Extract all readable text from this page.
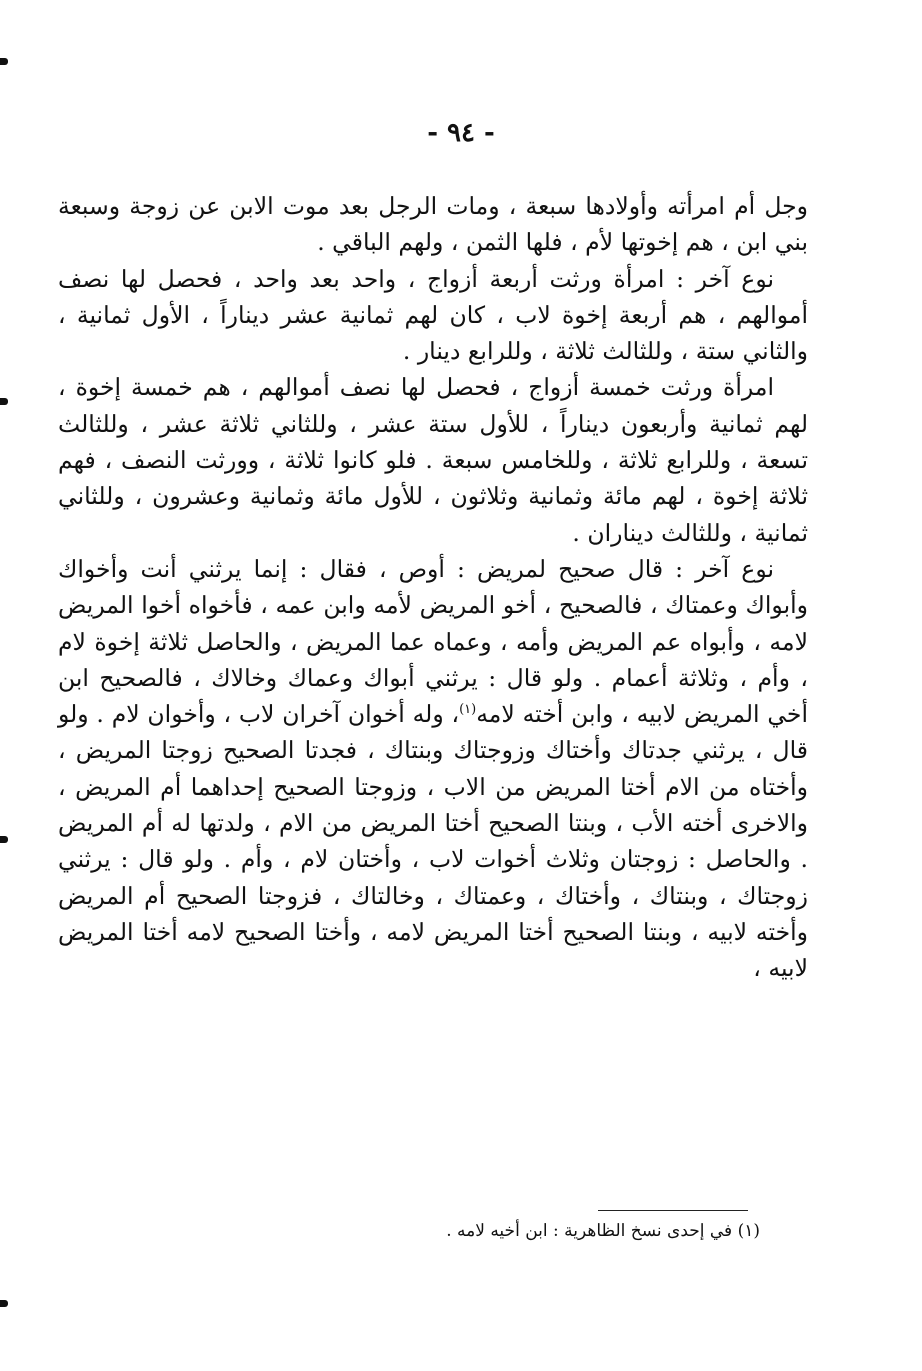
- ٩٤ -

وجل أم امرأته وأولادها سبعة ، ومات الرجل بعد موت الابن عن زوجة وسبعة بني ابن ، هم إخوتها لأم ، فلها الثمن ، ولهم الباقي .

نوع آخر : امرأة ورثت أربعة أزواج ، واحد بعد واحد ، فحصل لها نصف أموالهم ، هم أربعة إخوة لاب ، كان لهم ثمانية عشر ديناراً ، الأول ثمانية ، والثاني ستة ، وللثالث ثلاثة ، وللرابع دينار .

امرأة ورثت خمسة أزواج ، فحصل لها نصف أموالهم ، هم خمسة إخوة ، لهم ثمانية وأربعون ديناراً ، للأول ستة عشر ، وللثاني ثلاثة عشر ، وللثالث تسعة ، وللرابع ثلاثة ، وللخامس سبعة . فلو كانوا ثلاثة ، وورثت النصف ، فهم ثلاثة إخوة ، لهم مائة وثمانية وثلاثون ، للأول مائة وثمانية وعشرون ، وللثاني ثمانية ، وللثالث ديناران .

نوع آخر : قال صحيح لمريض : أوص ، فقال : إنما يرثني أنت وأخواك وأبواك وعمتاك ، فالصحيح ، أخو المريض لأمه وابن عمه ، فأخواه أخوا المريض لامه ، وأبواه عم المريض وأمه ، وعماه عما المريض ، والحاصل ثلاثة إخوة لام ، وأم ، وثلاثة أعمام . ولو قال : يرثني أبواك وعماك وخالاك ، فالصحيح ابن أخي المريض لابيه ، وابن أخته لامه$^{(١)}$، وله أخوان آخران لاب ، وأخوان لام . ولو قال ، يرثني جدتاك وأختاك وزوجتاك وبنتاك ، فجدتا الصحيح زوجتا المريض ، وأختاه من الام أختا المريض من الاب ، وزوجتا الصحيح إحداهما أم المريض ، والاخرى أخته الأب ، وبنتا الصحيح أختا المريض من الام ، ولدتها له أم المريض . والحاصل : زوجتان وثلاث أخوات لاب ، وأختان لام ، وأم . ولو قال : يرثني زوجتاك ، وبنتاك ، وأختاك ، وعمتاك ، وخالتاك ، فزوجتا الصحيح أم المريض وأخته لابيه ، وبنتا الصحيح أختا المريض لامه ، وأختا الصحيح لامه أختا المريض لابيه ،

(١) في إحدى نسخ الظاهرية : ابن أخيه لامه .
